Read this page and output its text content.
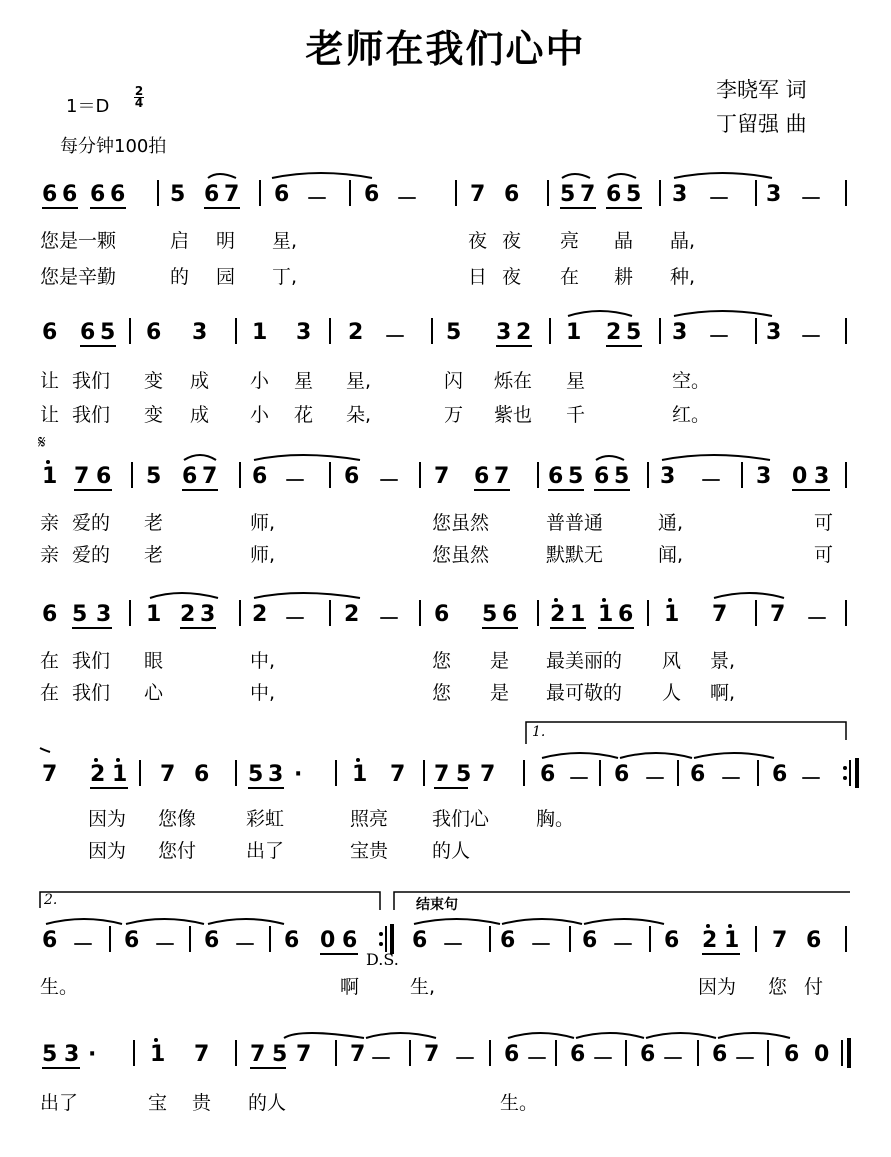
老师在我们心中
李晓军 词
丁留强 曲
1＝D
2
4
每分钟100拍
6 6 6 6 5 6 7 6 － 6 － 7 6 5 7 6 5 3 － 3 －
您是一颗	启 明 星,	夜 夜 亮 晶 晶,
您是辛勤	的 园 丁,	日 夜 在 耕 种,
6 6 5 6 3 1 3 2 － 5 3 2 1 2 5 3 － 3 －
让 我们 变 成 小 星 星,	闪 烁在 星	空。
让 我们 变 成 小 花 朵,	万 紫也 千	红。
𝄋
1 7 6 5 6 7 6 － 6 － 7 6 7 6 5 6 5 3 － 3 0 3
亲 爱的 老	师,	您虽然	普普通	通,	可
亲 爱的 老	师,	您虽然	默默无	闻,	可
6 5 3 1 2 3 2 － 2 － 6 5 6 2 1 1 6 1 7 7 －
在 我们 眼	中,	您 是 最美丽的 风 景,
在 我们 心	中,	您 是 最可敬的 人 啊,
1.
7 2 1 7 6 5 3 · 1 7 7 5 7 6 － 6 － 6 － 6 －
因为 您像	彩虹	照亮 我们心 胸。
因为 您付	出了	宝贵 的人
2.	结束句
6 － 6 － 6 － 6 0 6 6 － 6 － 6 － 6 2 1 7 6
D.S.
生。	啊	生,	因为 您 付
5 3 · 1 7 7 5 7 7 － 7 － 6 － 6 － 6 － 6 － 6 0
出了	宝 贵 的人	生。
